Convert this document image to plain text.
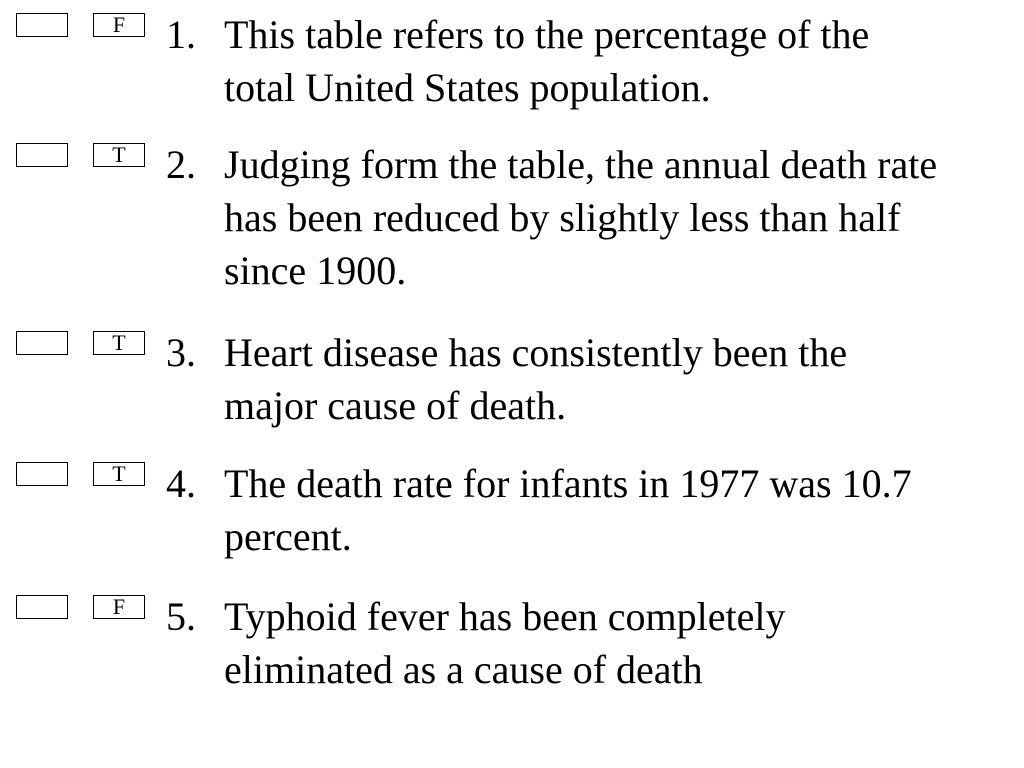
F	1. This table refers to the percentage of the
total United States population.

T	2. Judging form the table, the annual death rate
has been reduced by slightly less than half
since 1900.

T	3. Heart disease has consistently been the
major cause of death.

T	4. The death rate for infants in 1977 was 10.7
percent.

F	5. Typhoid fever has been completely
eliminated as a cause of death
